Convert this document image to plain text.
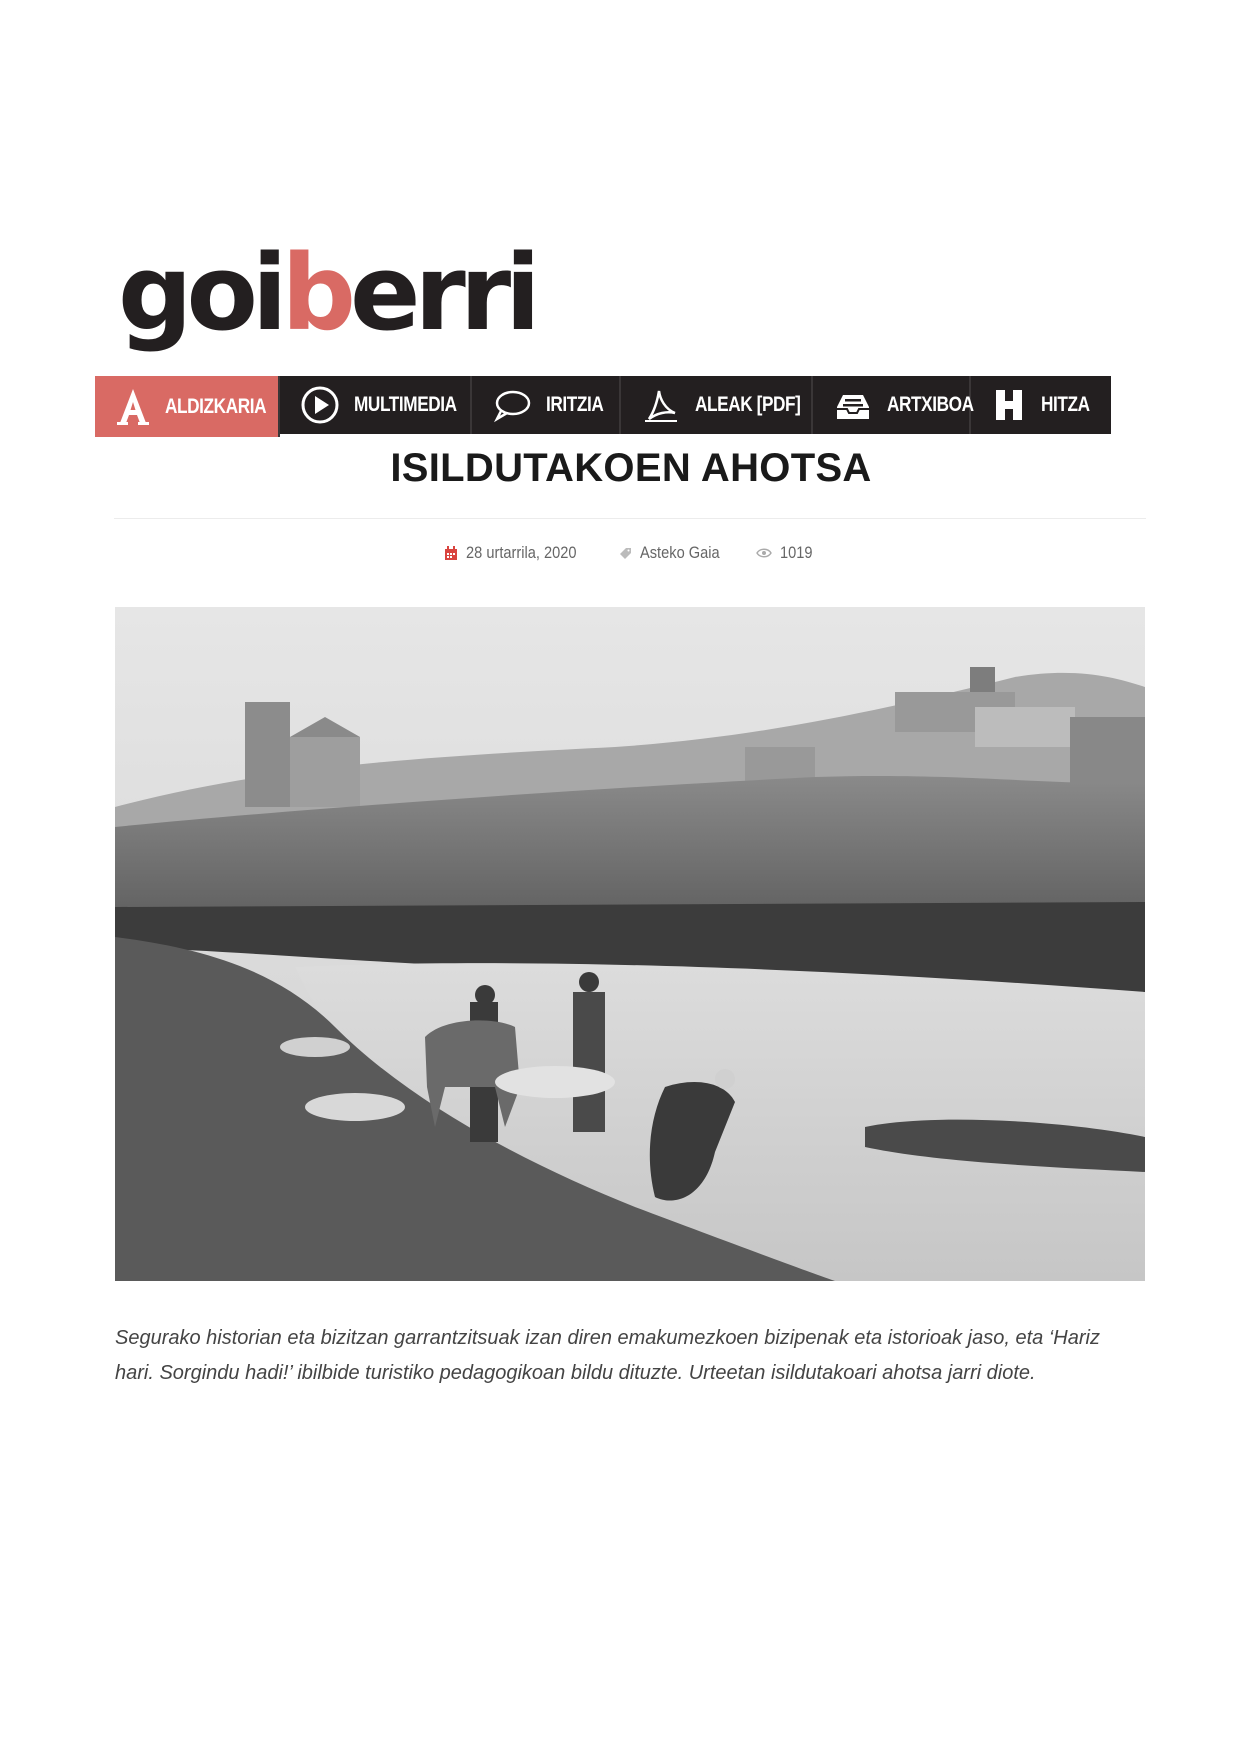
goiberri
ALDIZKARIA	MULTIMEDIA	IRITZIA	ALEAK [PDF]	ARTXIBOA	HITZA
ISILDUTAKOEN AHOTSA
28 urtarrila, 2020	Asteko Gaia	1019

Segurako historian eta bizitzan garrantzitsuak izan diren emakumezkoen bizipenak eta istorioak jaso, eta ‘Hariz hari. Sorgindu hadi!’ ibilbide turistiko pedagogikoan bildu dituzte. Urteetan isildutakoari ahotsa jarri diote.
